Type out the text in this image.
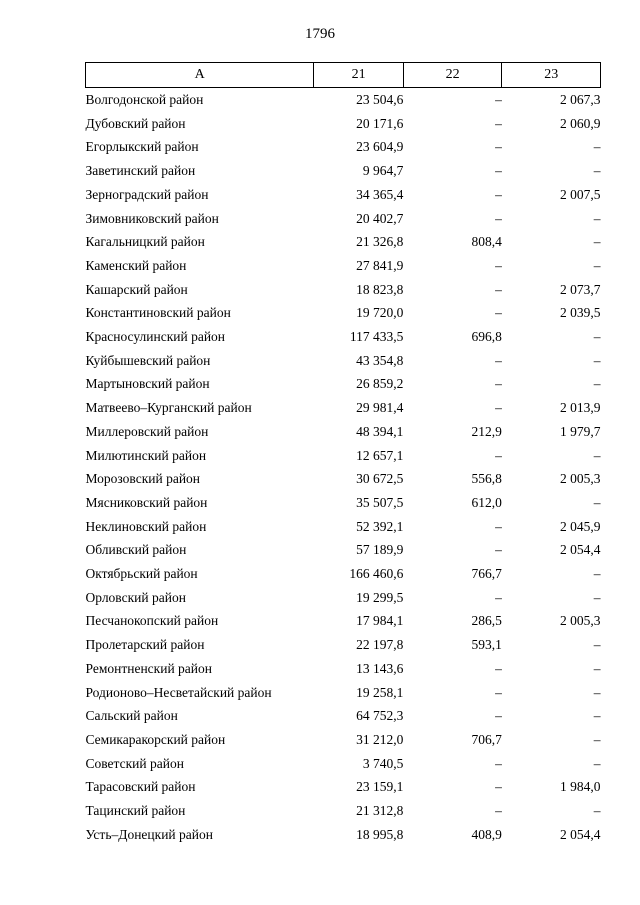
1796
А	21	22	23
Волгодонской район	23 504,6	–	2 067,3
Дубовский район	20 171,6	–	2 060,9
Егорлыкский район	23 604,9	–	–
Заветинский район	9 964,7	–	–
Зерноградский район	34 365,4	–	2 007,5
Зимовниковский район	20 402,7	–	–
Кагальницкий район	21 326,8	808,4	–
Каменский район	27 841,9	–	–
Кашарский район	18 823,8	–	2 073,7
Константиновский район	19 720,0	–	2 039,5
Красносулинский район	117 433,5	696,8	–
Куйбышевский район	43 354,8	–	–
Мартыновский район	26 859,2	–	–
Матвеево–Курганский район	29 981,4	–	2 013,9
Миллеровский район	48 394,1	212,9	1 979,7
Милютинский район	12 657,1	–	–
Морозовский район	30 672,5	556,8	2 005,3
Мясниковский район	35 507,5	612,0	–
Неклиновский район	52 392,1	–	2 045,9
Обливский район	57 189,9	–	2 054,4
Октябрьский район	166 460,6	766,7	–
Орловский район	19 299,5	–	–
Песчанокопский район	17 984,1	286,5	2 005,3
Пролетарский район	22 197,8	593,1	–
Ремонтненский район	13 143,6	–	–
Родионово–Несветайский район	19 258,1	–	–
Сальский район	64 752,3	–	–
Семикаракорский район	31 212,0	706,7	–
Советский район	3 740,5	–	–
Тарасовский район	23 159,1	–	1 984,0
Тацинский район	21 312,8	–	–
Усть–Донецкий район	18 995,8	408,9	2 054,4
